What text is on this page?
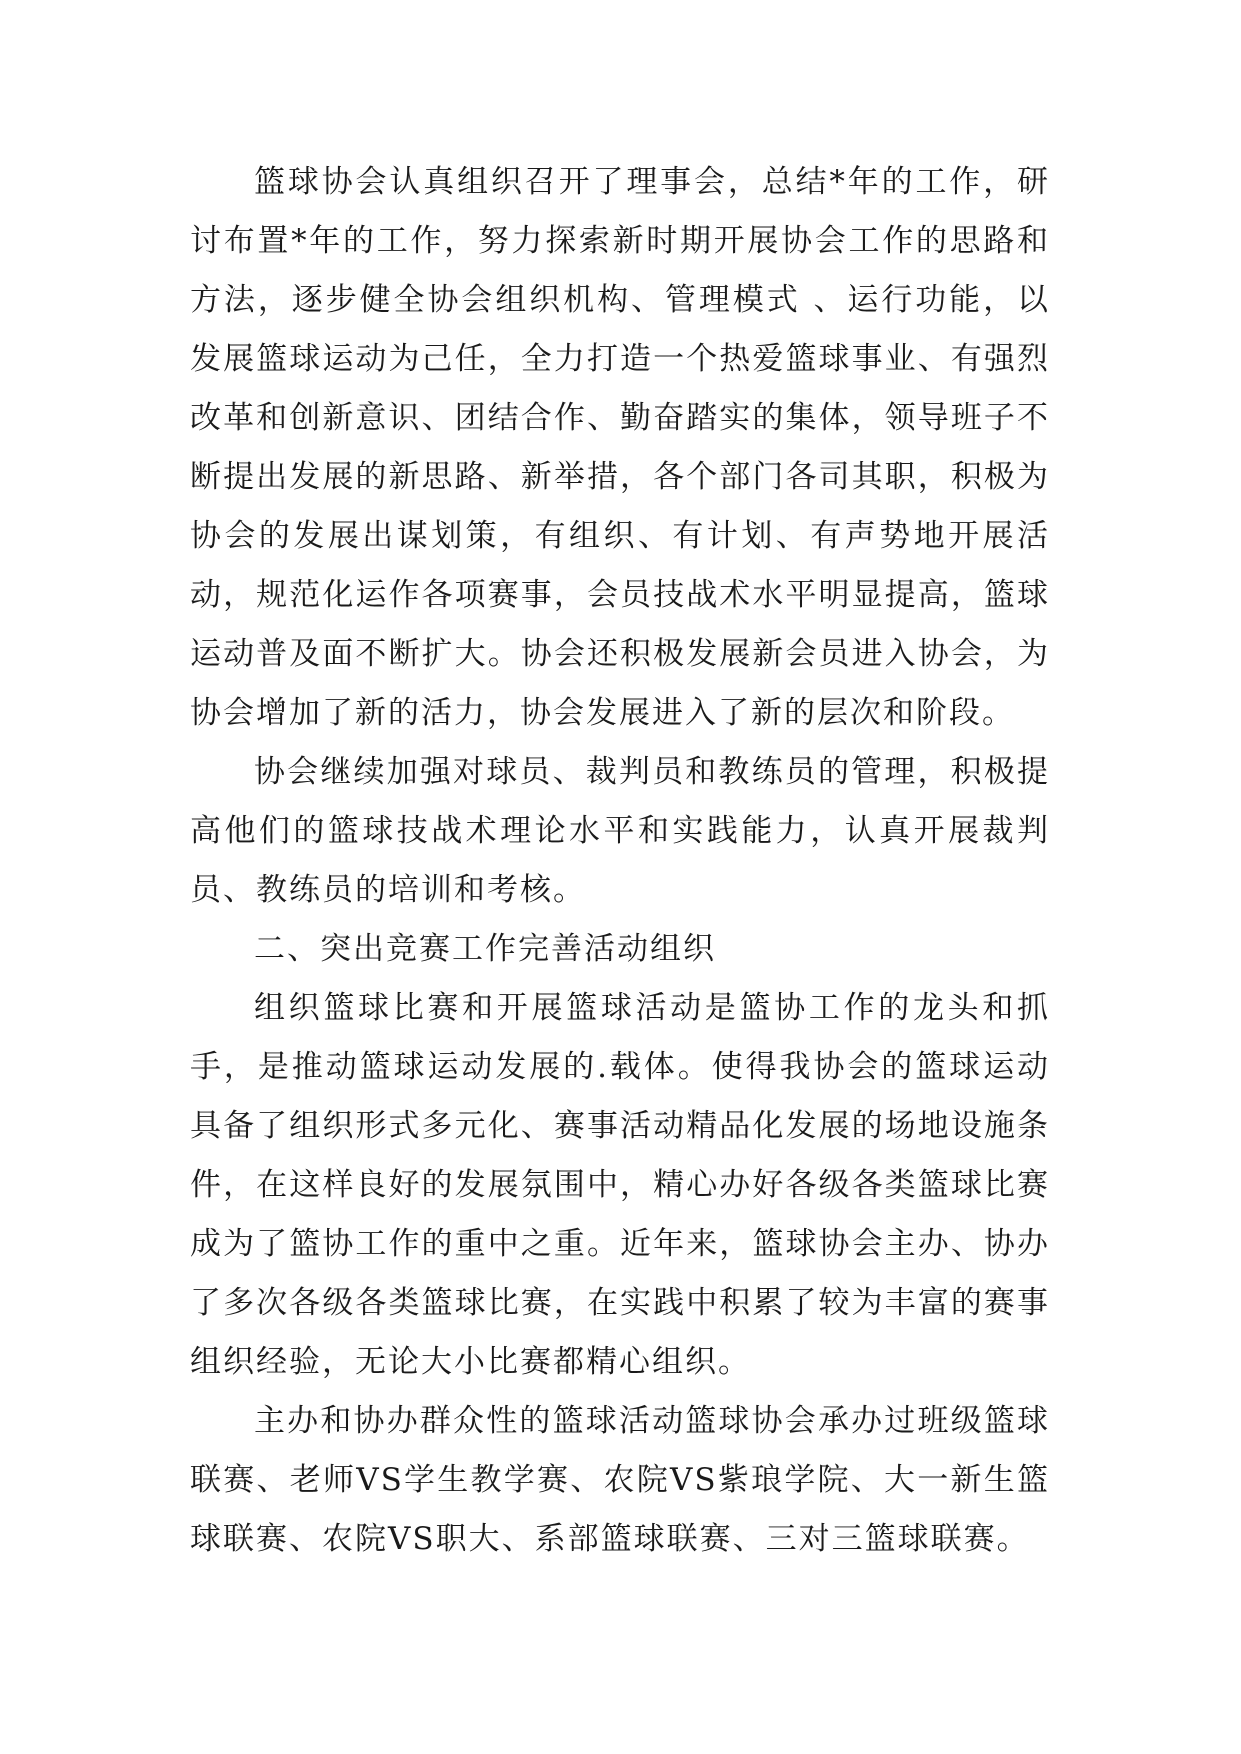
篮球协会认真组织召开了理事会，总结*年的工作，研讨布置*年的工作，努力探索新时期开展协会工作的思路和方法，逐步健全协会组织机构、管理模式 、运行功能，以发展篮球运动为己任，全力打造一个热爱篮球事业、有强烈改革和创新意识、团结合作、勤奋踏实的集体，领导班子不断提出发展的新思路、新举措，各个部门各司其职，积极为协会的发展出谋划策，有组织、有计划、有声势地开展活动，规范化运作各项赛事，会员技战术水平明显提高，篮球运动普及面不断扩大。协会还积极发展新会员进入协会，为协会增加了新的活力，协会发展进入了新的层次和阶段。

协会继续加强对球员、裁判员和教练员的管理，积极提高他们的篮球技战术理论水平和实践能力，认真开展裁判员、教练员的培训和考核。

二、突出竞赛工作完善活动组织

组织篮球比赛和开展篮球活动是篮协工作的龙头和抓手，是推动篮球运动发展的.载体。使得我协会的篮球运动具备了组织形式多元化、赛事活动精品化发展的场地设施条件，在这样良好的发展氛围中，精心办好各级各类篮球比赛成为了篮协工作的重中之重。近年来，篮球协会主办、协办了多次各级各类篮球比赛，在实践中积累了较为丰富的赛事组织经验，无论大小比赛都精心组织。

主办和协办群众性的篮球活动篮球协会承办过班级篮球联赛、老师VS学生教学赛、农院VS紫琅学院、大一新生篮球联赛、农院VS职大、系部篮球联赛、三对三篮球联赛。
